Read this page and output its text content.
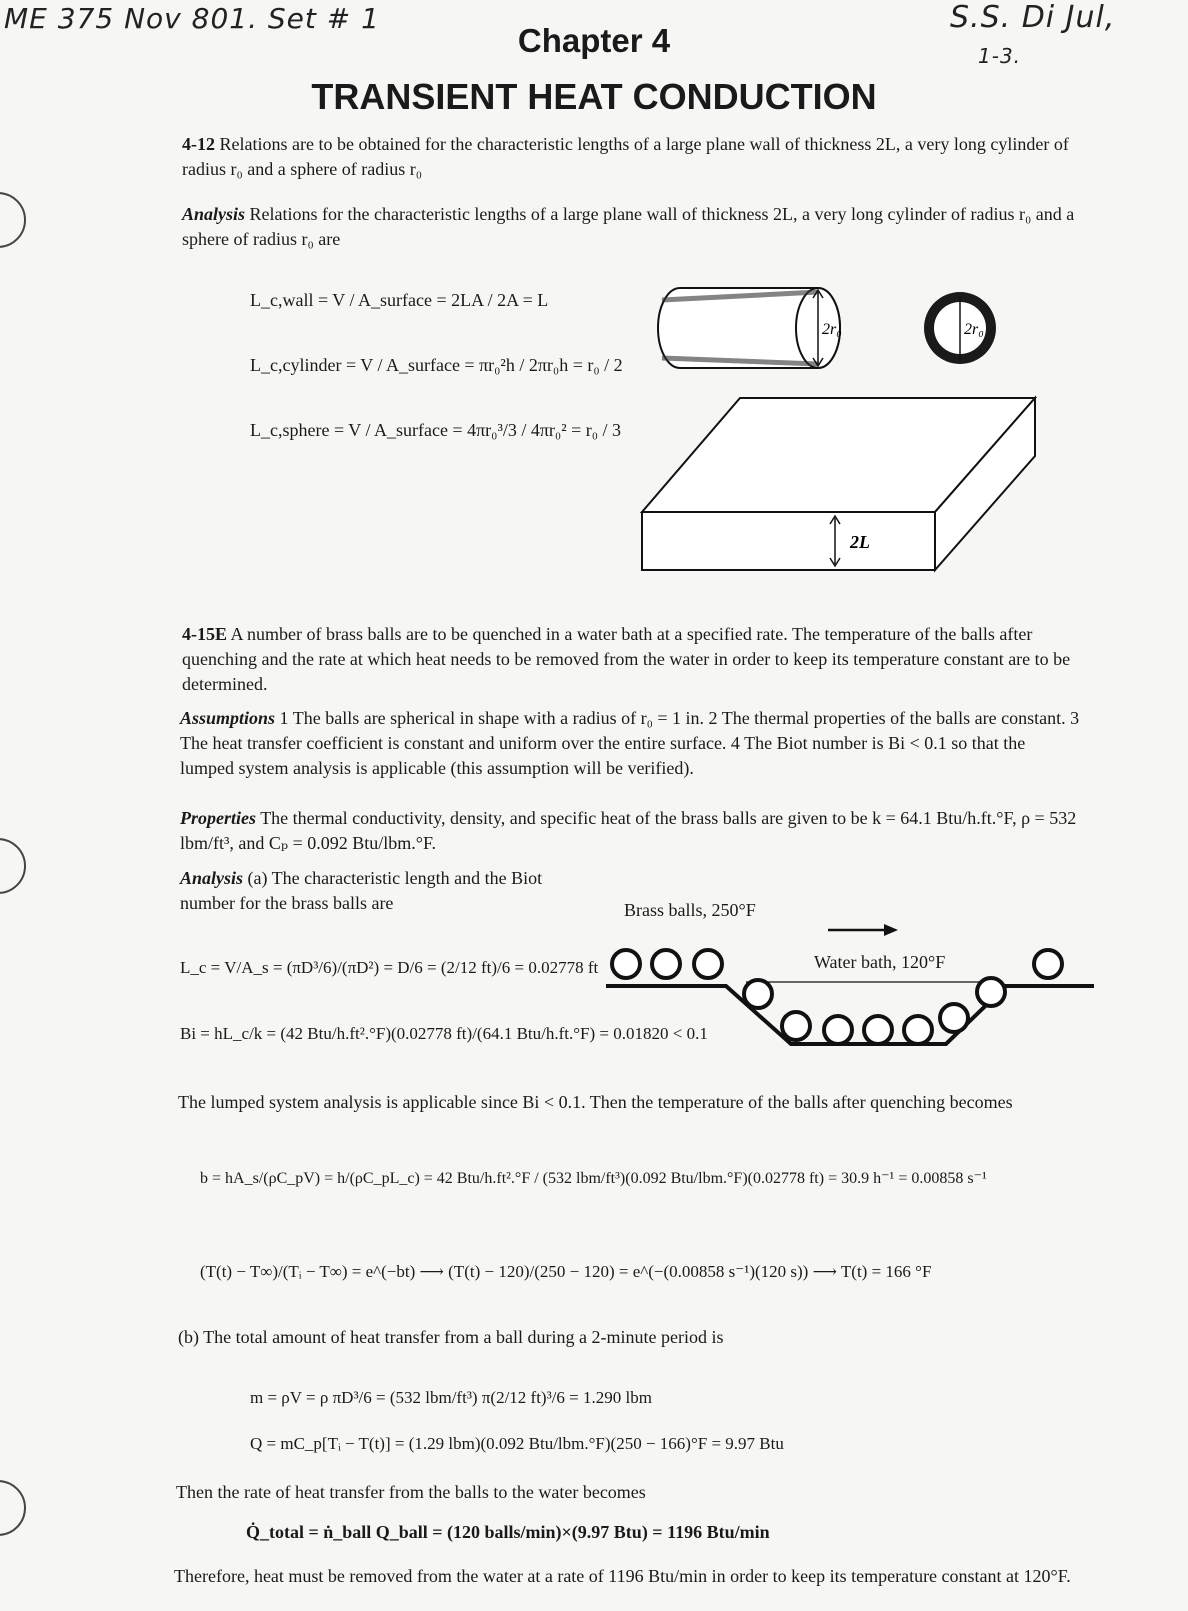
ME 375 Nov 801. Set # 1	S.S. Di Jul,
1-3.
Chapter 4
TRANSIENT HEAT CONDUCTION
4-12 Relations are to be obtained for the characteristic lengths of a large plane wall of thickness 2L, a very long cylinder of radius r₀ and a sphere of radius r₀
Analysis Relations for the characteristic lengths of a large plane wall of thickness 2L, a very long cylinder of radius r₀ and a sphere of radius r₀ are
L_c,wall = V / A_surface = 2LA / 2A = L
L_c,cylinder = V / A_surface = πr₀²h / 2πr₀h = r₀ / 2
L_c,sphere = V / A_surface = 4πr₀³/3 / 4πr₀² = r₀ / 3
2r₀	2r₀
2L
4-15E A number of brass balls are to be quenched in a water bath at a specified rate. The temperature of the balls after quenching and the rate at which heat needs to be removed from the water in order to keep its temperature constant are to be determined.
Assumptions 1 The balls are spherical in shape with a radius of r₀ = 1 in. 2 The thermal properties of the balls are constant. 3 The heat transfer coefficient is constant and uniform over the entire surface. 4 The Biot number is Bi < 0.1 so that the lumped system analysis is applicable (this assumption will be verified).
Properties The thermal conductivity, density, and specific heat of the brass balls are given to be k = 64.1 Btu/h.ft.°F, ρ = 532 lbm/ft³, and Cₚ = 0.092 Btu/lbm.°F.
Analysis (a) The characteristic length and the Biot number for the brass balls are	Brass balls, 250°F
Water bath, 120°F
L_c = V/A_s = (πD³/6)/(πD²) = D/6 = (2/12 ft)/6 = 0.02778 ft
Bi = hL_c/k = (42 Btu/h.ft².°F)(0.02778 ft)/(64.1 Btu/h.ft.°F) = 0.01820 < 0.1
The lumped system analysis is applicable since Bi < 0.1. Then the temperature of the balls after quenching becomes
b = hA_s/(ρC_pV) = h/(ρC_pL_c) = 42 Btu/h.ft².°F / (532 lbm/ft³)(0.092 Btu/lbm.°F)(0.02778 ft) = 30.9 h⁻¹ = 0.00858 s⁻¹
(T(t) − T∞)/(Tᵢ − T∞) = e^(−bt) ⟶ (T(t) − 120)/(250 − 120) = e^(−(0.00858 s⁻¹)(120 s)) ⟶ T(t) = 166 °F
(b) The total amount of heat transfer from a ball during a 2-minute period is
m = ρV = ρ πD³/6 = (532 lbm/ft³) π(2/12 ft)³/6 = 1.290 lbm
Q = mC_p[Tᵢ − T(t)] = (1.29 lbm)(0.092 Btu/lbm.°F)(250 − 166)°F = 9.97 Btu
Then the rate of heat transfer from the balls to the water becomes
Q̇_total = ṅ_ball Q_ball = (120 balls/min)×(9.97 Btu) = 1196 Btu/min
Therefore, heat must be removed from the water at a rate of 1196 Btu/min in order to keep its temperature constant at 120°F.
